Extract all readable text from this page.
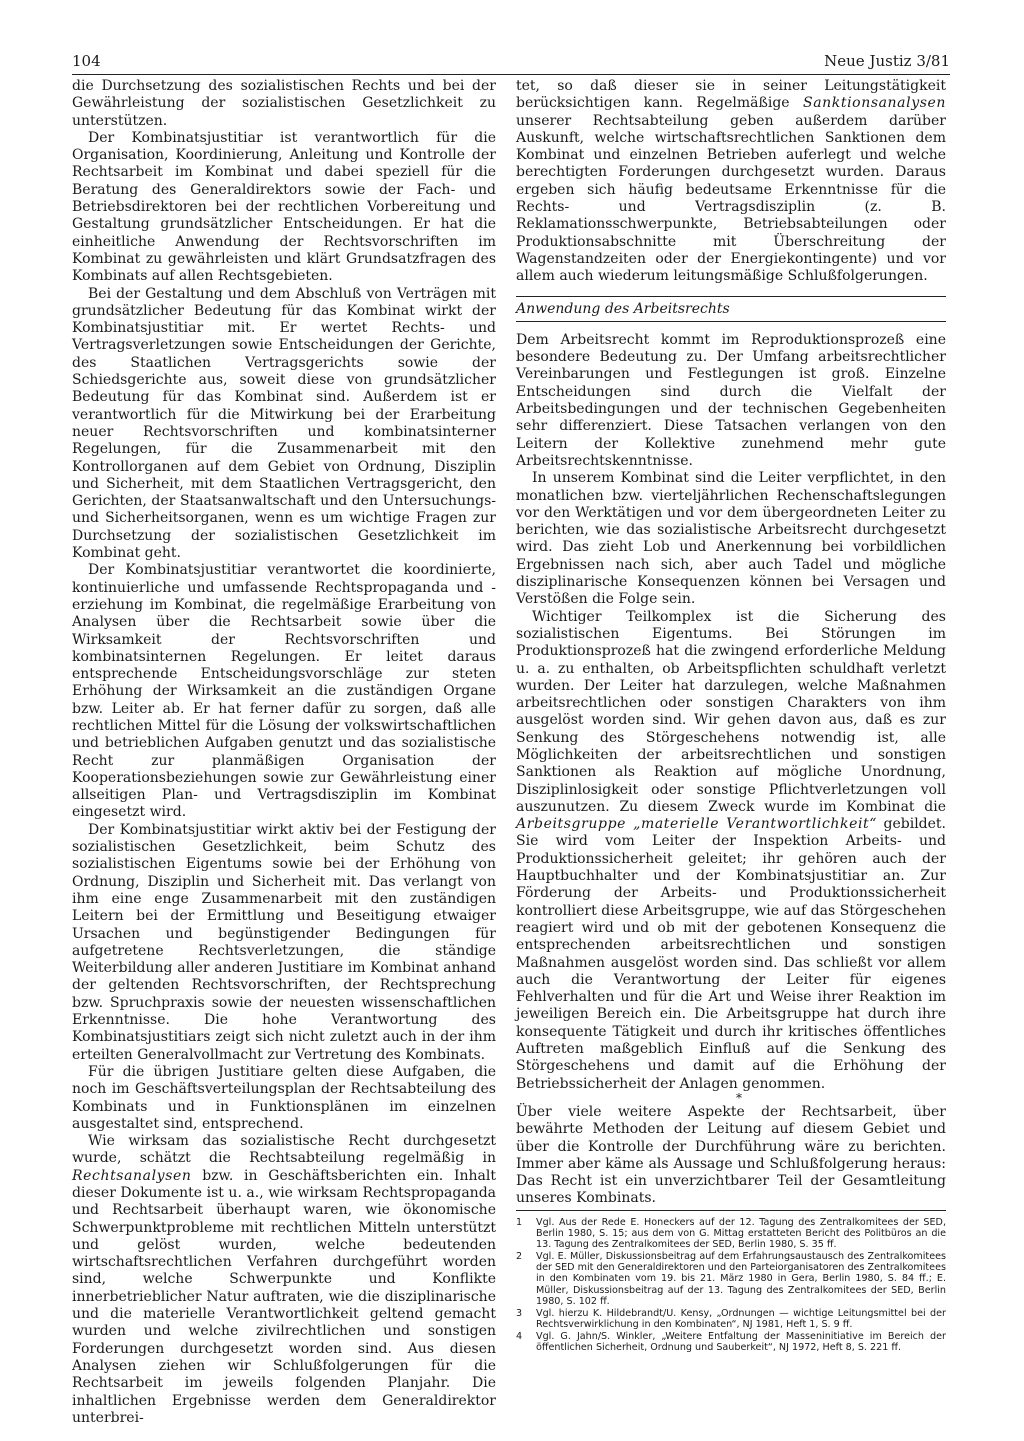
104	Neue Justiz 3/81

die Durchsetzung des sozialistischen Rechts und bei der Gewährleistung der sozialistischen Gesetzlichkeit zu unterstützen.

Der Kombinatsjustitiar ist verantwortlich für die Organisation, Koordinierung, Anleitung und Kontrolle der Rechtsarbeit im Kombinat und dabei speziell für die Beratung des Generaldirektors sowie der Fach- und Betriebsdirektoren bei der rechtlichen Vorbereitung und Gestaltung grundsätzlicher Entscheidungen. Er hat die einheitliche Anwendung der Rechtsvorschriften im Kombinat zu gewährleisten und klärt Grundsatzfragen des Kombinats auf allen Rechtsgebieten.

Bei der Gestaltung und dem Abschluß von Verträgen mit grundsätzlicher Bedeutung für das Kombinat wirkt der Kombinatsjustitiar mit. Er wertet Rechts- und Vertragsverletzungen sowie Entscheidungen der Gerichte, des Staatlichen Vertragsgerichts sowie der Schiedsgerichte aus, soweit diese von grundsätzlicher Bedeutung für das Kombinat sind. Außerdem ist er verantwortlich für die Mitwirkung bei der Erarbeitung neuer Rechtsvorschriften und kombinatsinterner Regelungen, für die Zusammenarbeit mit den Kontrollorganen auf dem Gebiet von Ordnung, Disziplin und Sicherheit, mit dem Staatlichen Vertragsgericht, den Gerichten, der Staatsanwaltschaft und den Untersuchungs- und Sicherheitsorganen, wenn es um wichtige Fragen zur Durchsetzung der sozialistischen Gesetzlichkeit im Kombinat geht.

Der Kombinatsjustitiar verantwortet die koordinierte, kontinuierliche und umfassende Rechtspropaganda und -erziehung im Kombinat, die regelmäßige Erarbeitung von Analysen über die Rechtsarbeit sowie über die Wirksamkeit der Rechtsvorschriften und kombinatsinternen Regelungen. Er leitet daraus entsprechende Entscheidungsvorschläge zur steten Erhöhung der Wirksamkeit an die zuständigen Organe bzw. Leiter ab. Er hat ferner dafür zu sorgen, daß alle rechtlichen Mittel für die Lösung der volkswirtschaftlichen und betrieblichen Aufgaben genutzt und das sozialistische Recht zur planmäßigen Organisation der Kooperationsbeziehungen sowie zur Gewährleistung einer allseitigen Plan- und Vertragsdisziplin im Kombinat eingesetzt wird.

Der Kombinatsjustitiar wirkt aktiv bei der Festigung der sozialistischen Gesetzlichkeit, beim Schutz des sozialistischen Eigentums sowie bei der Erhöhung von Ordnung, Disziplin und Sicherheit mit. Das verlangt von ihm eine enge Zusammenarbeit mit den zuständigen Leitern bei der Ermittlung und Beseitigung etwaiger Ursachen und begünstigender Bedingungen für aufgetretene Rechtsverletzungen, die ständige Weiterbildung aller anderen Justitiare im Kombinat anhand der geltenden Rechtsvorschriften, der Rechtsprechung bzw. Spruchpraxis sowie der neuesten wissenschaftlichen Erkenntnisse. Die hohe Verantwortung des Kombinatsjustitiars zeigt sich nicht zuletzt auch in der ihm erteilten Generalvollmacht zur Vertretung des Kombinats.

Für die übrigen Justitiare gelten diese Aufgaben, die noch im Geschäftsverteilungsplan der Rechtsabteilung des Kombinats und in Funktionsplänen im einzelnen ausgestaltet sind, entsprechend.

Wie wirksam das sozialistische Recht durchgesetzt wurde, schätzt die Rechtsabteilung regelmäßig in Rechtsanalysen bzw. in Geschäftsberichten ein. Inhalt dieser Dokumente ist u. a., wie wirksam Rechtspropaganda und Rechtsarbeit überhaupt waren, wie ökonomische Schwerpunktprobleme mit rechtlichen Mitteln unterstützt und gelöst wurden, welche bedeutenden wirtschaftsrechtlichen Verfahren durchgeführt worden sind, welche Schwerpunkte und Konflikte innerbetrieblicher Natur auftraten, wie die disziplinarische und die materielle Verantwortlichkeit geltend gemacht wurden und welche zivilrechtlichen und sonstigen Forderungen durchgesetzt worden sind. Aus diesen Analysen ziehen wir Schlußfolgerungen für die Rechtsarbeit im jeweils folgenden Planjahr. Die inhaltlichen Ergebnisse werden dem Generaldirektor unterbrei-

tet, so daß dieser sie in seiner Leitungstätigkeit berücksichtigen kann. Regelmäßige Sanktionsanalysen unserer Rechtsabteilung geben außerdem darüber Auskunft, welche wirtschaftsrechtlichen Sanktionen dem Kombinat und einzelnen Betrieben auferlegt und welche berechtigten Forderungen durchgesetzt wurden. Daraus ergeben sich häufig bedeutsame Erkenntnisse für die Rechts- und Vertragsdisziplin (z. B. Reklamationsschwerpunkte, Betriebsabteilungen oder Produktionsabschnitte mit Überschreitung der Wagenstandzeiten oder der Energiekontingente) und vor allem auch wiederum leitungsmäßige Schlußfolgerungen.

Anwendung des Arbeitsrechts

Dem Arbeitsrecht kommt im Reproduktionsprozeß eine besondere Bedeutung zu. Der Umfang arbeitsrechtlicher Vereinbarungen und Festlegungen ist groß. Einzelne Entscheidungen sind durch die Vielfalt der Arbeitsbedingungen und der technischen Gegebenheiten sehr differenziert. Diese Tatsachen verlangen von den Leitern der Kollektive zunehmend mehr gute Arbeitsrechtskenntnisse.

In unserem Kombinat sind die Leiter verpflichtet, in den monatlichen bzw. vierteljährlichen Rechenschaftslegungen vor den Werktätigen und vor dem übergeordneten Leiter zu berichten, wie das sozialistische Arbeitsrecht durchgesetzt wird. Das zieht Lob und Anerkennung bei vorbildlichen Ergebnissen nach sich, aber auch Tadel und mögliche disziplinarische Konsequenzen können bei Versagen und Verstößen die Folge sein.

Wichtiger Teilkomplex ist die Sicherung des sozialistischen Eigentums. Bei Störungen im Produktionsprozeß hat die zwingend erforderliche Meldung u. a. zu enthalten, ob Arbeitspflichten schuldhaft verletzt wurden. Der Leiter hat darzulegen, welche Maßnahmen arbeitsrechtlichen oder sonstigen Charakters von ihm ausgelöst worden sind. Wir gehen davon aus, daß es zur Senkung des Störgeschehens notwendig ist, alle Möglichkeiten der arbeitsrechtlichen und sonstigen Sanktionen als Reaktion auf mögliche Unordnung, Disziplinlosigkeit oder sonstige Pflichtverletzungen voll auszunutzen. Zu diesem Zweck wurde im Kombinat die Arbeitsgruppe „materielle Verantwortlichkeit“ gebildet. Sie wird vom Leiter der Inspektion Arbeits- und Produktionssicherheit geleitet; ihr gehören auch der Hauptbuchhalter und der Kombinatsjustitiar an. Zur Förderung der Arbeits- und Produktionssicherheit kontrolliert diese Arbeitsgruppe, wie auf das Störgeschehen reagiert wird und ob mit der gebotenen Konsequenz die entsprechenden arbeitsrechtlichen und sonstigen Maßnahmen ausgelöst worden sind. Das schließt vor allem auch die Verantwortung der Leiter für eigenes Fehlverhalten und für die Art und Weise ihrer Reaktion im jeweiligen Bereich ein. Die Arbeitsgruppe hat durch ihre konsequente Tätigkeit und durch ihr kritisches öffentliches Auftreten maßgeblich Einfluß auf die Senkung des Störgeschehens und damit auf die Erhöhung der Betriebssicherheit der Anlagen genommen.

*

Über viele weitere Aspekte der Rechtsarbeit, über bewährte Methoden der Leitung auf diesem Gebiet und über die Kontrolle der Durchführung wäre zu berichten. Immer aber käme als Aussage und Schlußfolgerung heraus: Das Recht ist ein unverzichtbarer Teil der Gesamtleitung unseres Kombinats.

1 Vgl. Aus der Rede E. Honeckers auf der 12. Tagung des Zentralkomitees der SED, Berlin 1980, S. 15; aus dem von G. Mittag erstatteten Bericht des Politbüros an die 13. Tagung des Zentralkomitees der SED, Berlin 1980, S. 35 ff.
2 Vgl. E. Müller, Diskussionsbeitrag auf dem Erfahrungsaustausch des Zentralkomitees der SED mit den Generaldirektoren und den Parteiorganisatoren des Zentralkomitees in den Kombinaten vom 19. bis 21. März 1980 in Gera, Berlin 1980, S. 84 ff.; E. Müller, Diskussionsbeitrag auf der 13. Tagung des Zentralkomitees der SED, Berlin 1980, S. 102 ff.
3 Vgl. hierzu K. Hildebrandt/U. Kensy, „Ordnungen — wichtige Leitungsmittel bei der Rechtsverwirklichung in den Kombinaten“, NJ 1981, Heft 1, S. 9 ff.
4 Vgl. G. Jahn/S. Winkler, „Weitere Entfaltung der Masseninitiative im Bereich der öffentlichen Sicherheit, Ordnung und Sauberkeit“, NJ 1972, Heft 8, S. 221 ff.
